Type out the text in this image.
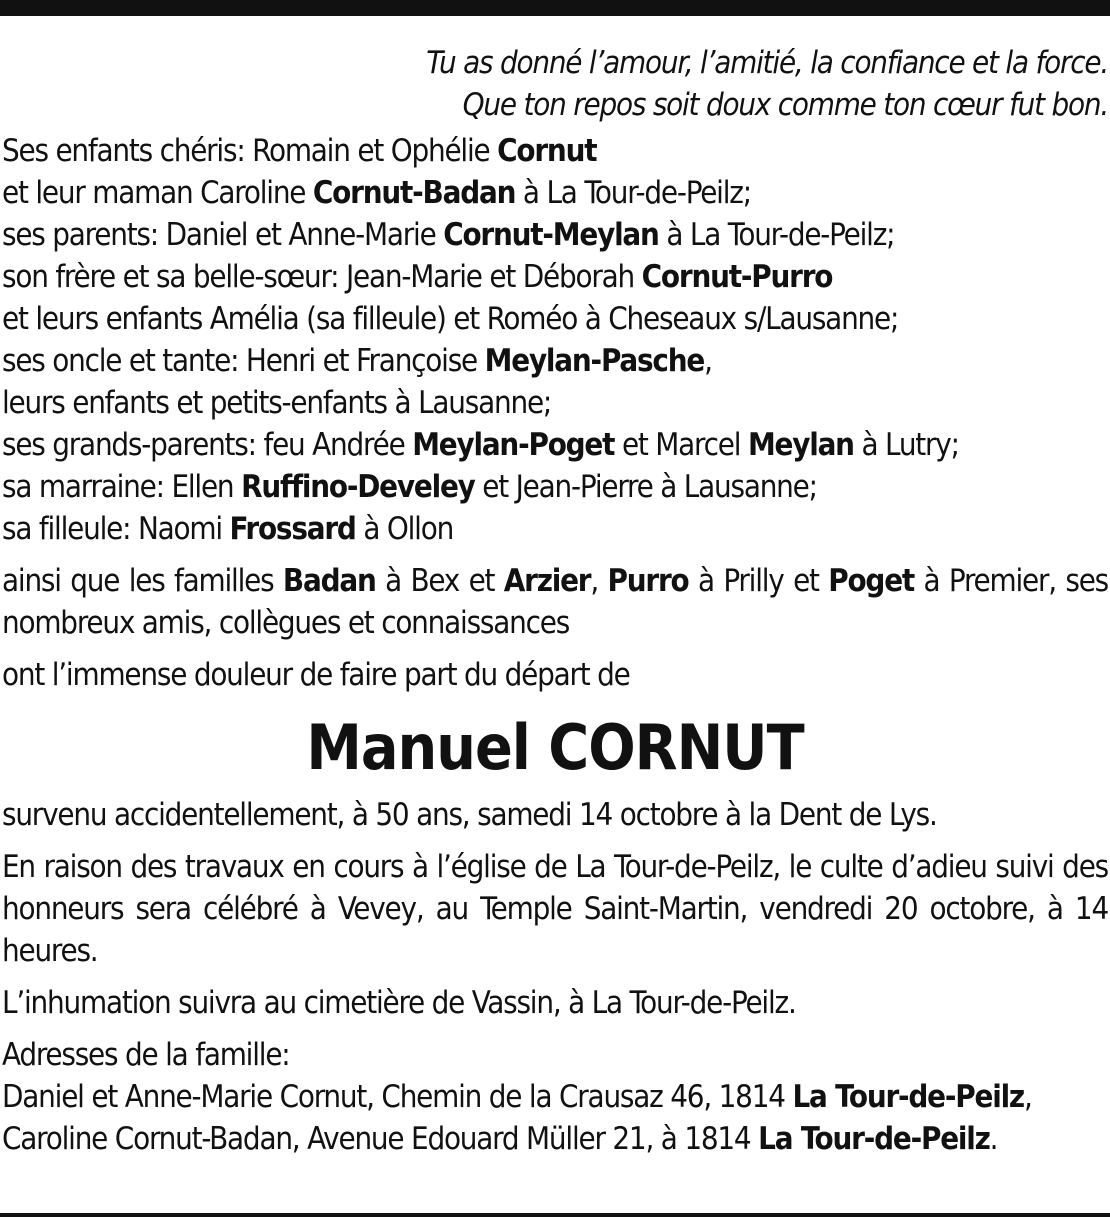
Tu as donné l’amour, l’amitié, la confiance et la force.
Que ton repos soit doux comme ton cœur fut bon.
Ses enfants chéris: Romain et Ophélie Cornut
et leur maman Caroline Cornut-Badan à La Tour-de-Peilz;
ses parents: Daniel et Anne-Marie Cornut-Meylan à La Tour-de-Peilz;
son frère et sa belle-sœur: Jean-Marie et Déborah Cornut-Purro
et leurs enfants Amélia (sa filleule) et Roméo à Cheseaux s/Lausanne;
ses oncle et tante: Henri et Françoise Meylan-Pasche,
leurs enfants et petits-enfants à Lausanne;
ses grands-parents: feu Andrée Meylan-Poget et Marcel Meylan à Lutry;
sa marraine: Ellen Ruffino-Develey et Jean-Pierre à Lausanne;
sa filleule: Naomi Frossard à Ollon

ainsi que les familles Badan à Bex et Arzier, Purro à Prilly et Poget à Premier, ses nombreux amis, collègues et connaissances

ont l’immense douleur de faire part du départ de

Manuel CORNUT

survenu accidentellement, à 50 ans, samedi 14 octobre à la Dent de Lys.

En raison des travaux en cours à l’église de La Tour-de-Peilz, le culte d’adieu suivi des honneurs sera célébré à Vevey, au Temple Saint-Martin, vendredi 20 octobre, à 14 heures.

L’inhumation suivra au cimetière de Vassin, à La Tour-de-Peilz.

Adresses de la famille:
Daniel et Anne-Marie Cornut, Chemin de la Crausaz 46, 1814 La Tour-de-Peilz,
Caroline Cornut-Badan, Avenue Edouard Müller 21, à 1814 La Tour-de-Peilz.
